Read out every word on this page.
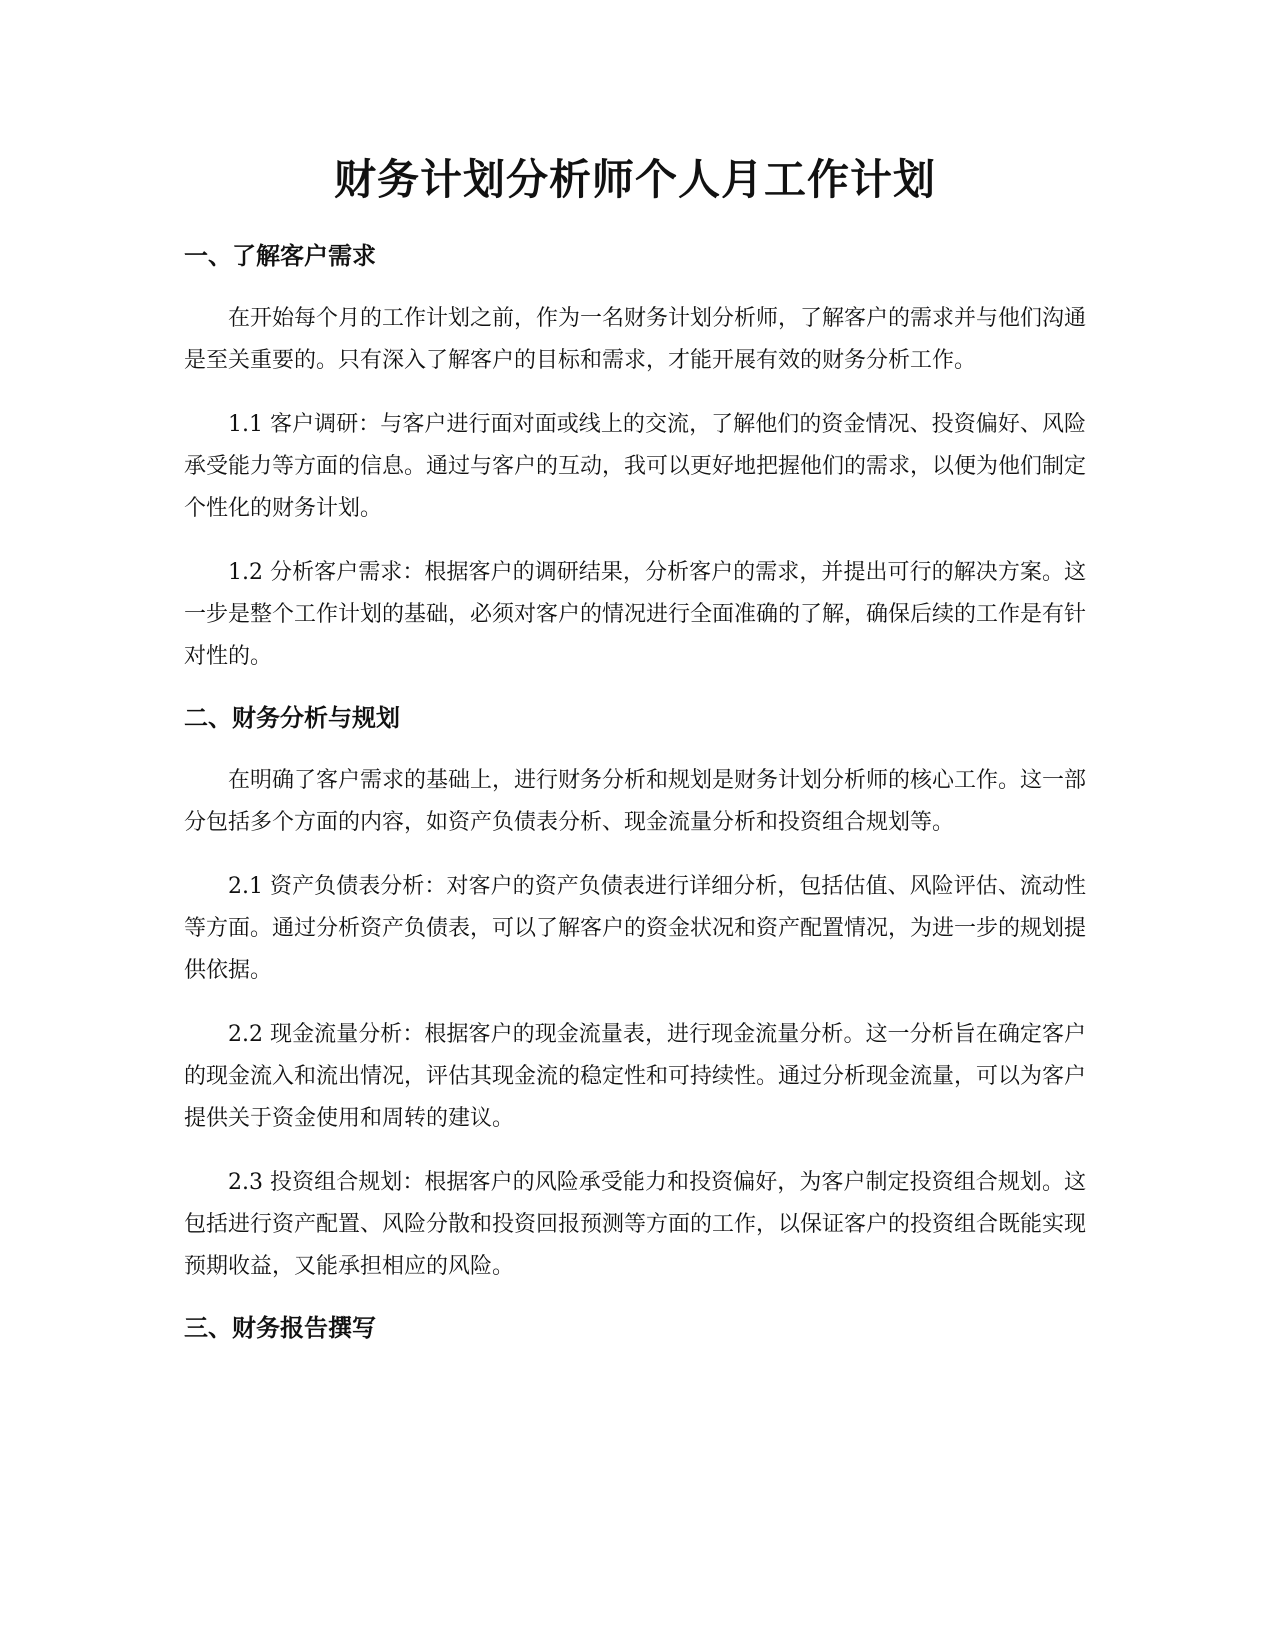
财务计划分析师个人月工作计划
一、了解客户需求

在开始每个月的工作计划之前，作为一名财务计划分析师，了解客户的需求并与他们沟通是至关重要的。只有深入了解客户的目标和需求，才能开展有效的财务分析工作。

1.1 客户调研：与客户进行面对面或线上的交流，了解他们的资金情况、投资偏好、风险承受能力等方面的信息。通过与客户的互动，我可以更好地把握他们的需求，以便为他们制定个性化的财务计划。

1.2 分析客户需求：根据客户的调研结果，分析客户的需求，并提出可行的解决方案。这一步是整个工作计划的基础，必须对客户的情况进行全面准确的了解，确保后续的工作是有针对性的。

二、财务分析与规划

在明确了客户需求的基础上，进行财务分析和规划是财务计划分析师的核心工作。这一部分包括多个方面的内容，如资产负债表分析、现金流量分析和投资组合规划等。

2.1 资产负债表分析：对客户的资产负债表进行详细分析，包括估值、风险评估、流动性等方面。通过分析资产负债表，可以了解客户的资金状况和资产配置情况，为进一步的规划提供依据。

2.2 现金流量分析：根据客户的现金流量表，进行现金流量分析。这一分析旨在确定客户的现金流入和流出情况，评估其现金流的稳定性和可持续性。通过分析现金流量，可以为客户提供关于资金使用和周转的建议。

2.3 投资组合规划：根据客户的风险承受能力和投资偏好，为客户制定投资组合规划。这包括进行资产配置、风险分散和投资回报预测等方面的工作，以保证客户的投资组合既能实现预期收益，又能承担相应的风险。

三、财务报告撰写
